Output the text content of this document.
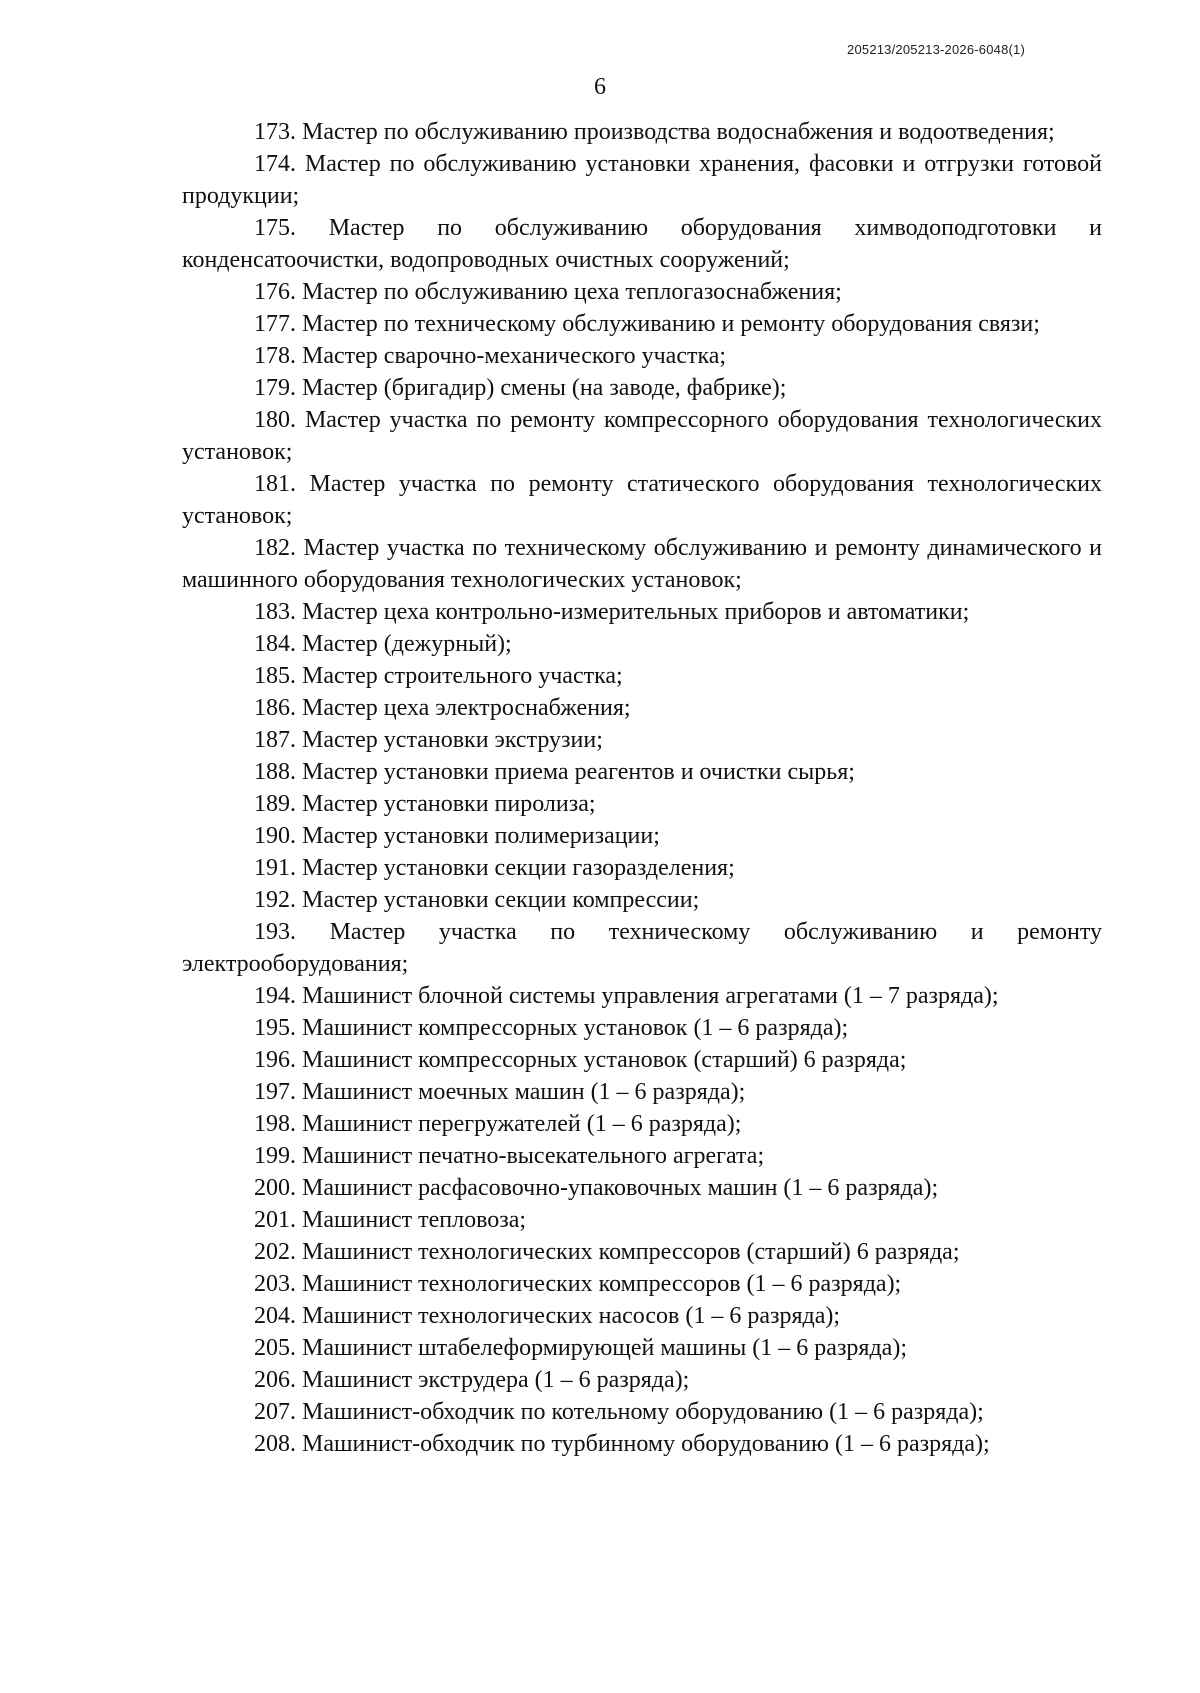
205213/205213-2026-6048(1)
6

173. Мастер по обслуживанию производства водоснабжения и водоотведения;

174. Мастер по обслуживанию установки хранения, фасовки и отгрузки готовой продукции;

175. Мастер по обслуживанию оборудования химводоподготовки и конденсатоочистки, водопроводных очистных сооружений;

176. Мастер по обслуживанию цеха теплогазоснабжения;

177. Мастер по техническому обслуживанию и ремонту оборудования связи;

178. Мастер сварочно-механического участка;

179. Мастер (бригадир) смены (на заводе, фабрике);

180. Мастер участка по ремонту компрессорного оборудования технологических установок;

181. Мастер участка по ремонту статического оборудования технологических установок;

182. Мастер участка по техническому обслуживанию и ремонту динамического и машинного оборудования технологических установок;

183. Мастер цеха контрольно-измерительных приборов и автоматики;

184. Мастер (дежурный);

185. Мастер строительного участка;

186. Мастер цеха электроснабжения;

187. Мастер установки экструзии;

188. Мастер установки приема реагентов и очистки сырья;

189. Мастер установки пиролиза;

190. Мастер установки полимеризации;

191. Мастер установки секции газоразделения;

192. Мастер установки секции компрессии;

193. Мастер участка по техническому обслуживанию и ремонту электрооборудования;

194. Машинист блочной системы управления агрегатами (1 – 7 разряда);

195. Машинист компрессорных установок (1 – 6 разряда);

196. Машинист компрессорных установок (старший) 6 разряда;

197. Машинист моечных машин (1 – 6 разряда);

198. Машинист перегружателей (1 – 6 разряда);

199. Машинист печатно-высекательного агрегата;

200. Машинист расфасовочно-упаковочных машин (1 – 6 разряда);

201. Машинист тепловоза;

202. Машинист технологических компрессоров (старший) 6 разряда;

203. Машинист технологических компрессоров (1 – 6 разряда);

204. Машинист технологических насосов (1 – 6 разряда);

205. Машинист штабелеформирующей машины (1 – 6 разряда);

206. Машинист экструдера (1 – 6 разряда);

207. Машинист-обходчик по котельному оборудованию (1 – 6 разряда);

208. Машинист-обходчик по турбинному оборудованию (1 – 6 разряда);
